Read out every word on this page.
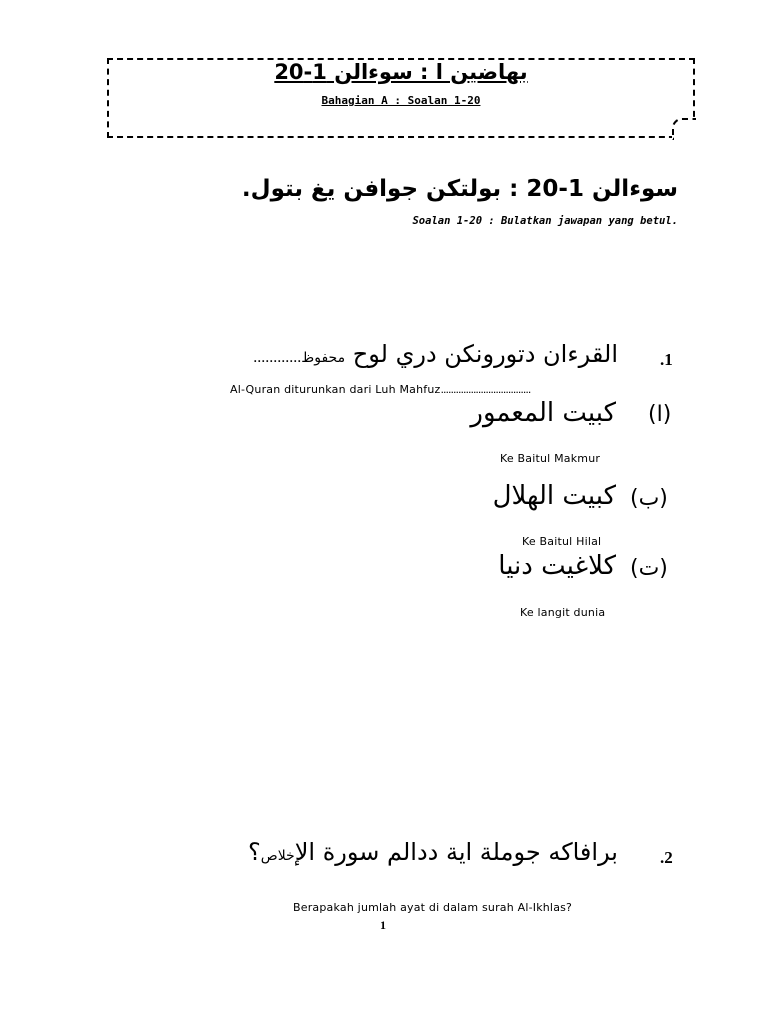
بهاضين ا : سوءالن 1-20
Bahagian A : Soalan 1-20
سوءالن 1-20 : بولتكن جوافن يغ بتول.
Soalan 1-20 : Bulatkan jawapan yang betul.
.1
القرءان دتورونكن دري لوح محفوظ............
Al-Quran diturunkan dari Luh Mahfuz....................................
(ا)
كبيت المعمور
Ke Baitul Makmur
(ب)
كبيت الهلال
Ke Baitul Hilal
(ت)
كلاغيت دنيا
Ke langit dunia
.2
برافاكه جوملة اية ددالم سورة الإخلاص؟
Berapakah jumlah ayat di dalam surah Al-Ikhlas?
1
